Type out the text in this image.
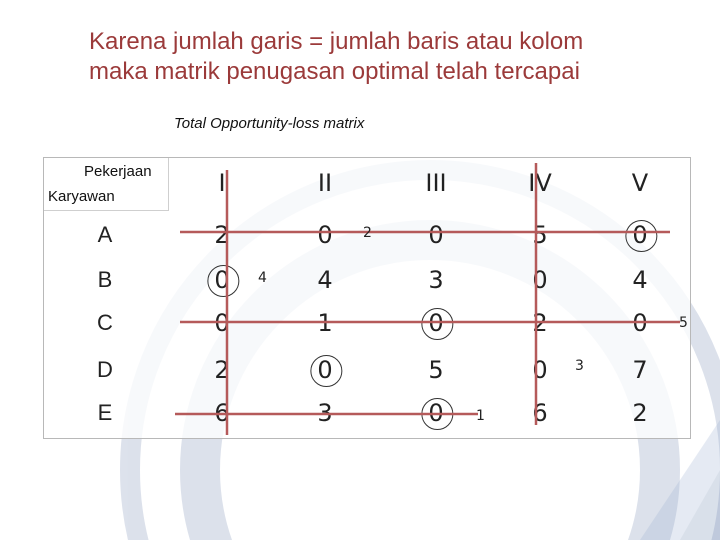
Karena jumlah garis = jumlah baris atau kolom
maka matrik penugasan optimal telah tercapai
Total Opportunity-loss matrix
Pekerjaan
Karyawan	I	II	III	IV	V
A	2	0	0	5	0
B	0	4	3	0	4
C	0	1	0	2	0
D	2	0	5	0	7
E	6	3	0	6	2
1
2
3
4
5
